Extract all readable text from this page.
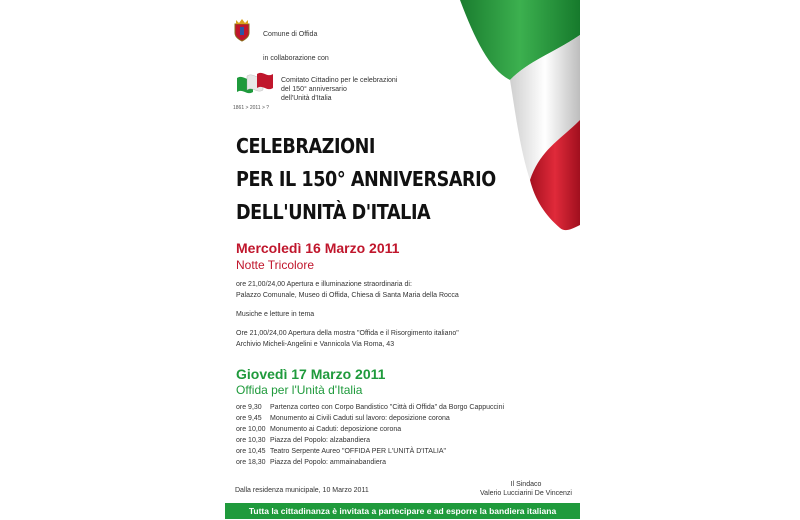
Comune di Offida
in collaborazione con
1861 > 2011 > ?
Comitato Cittadino per le celebrazioni
del 150° anniversario
dell'Unità d'Italia
CELEBRAZIONI
PER IL 150° ANNIVERSARIO
DELL'UNITÀ D'ITALIA
Mercoledì 16 Marzo 2011
Notte Tricolore
ore 21,00/24,00 Apertura e illuminazione straordinaria di:
Palazzo Comunale, Museo di Offida, Chiesa di Santa Maria della Rocca
Musiche e letture in tema
Ore 21,00/24,00 Apertura della mostra "Offida e il Risorgimento italiano"
Archivio Micheli-Angelini e Vannicola Via Roma, 43
Giovedì 17 Marzo 2011
Offida per l'Unità d'Italia
ore 9,30	Partenza corteo con Corpo Bandistico "Città di Offida" da Borgo Cappuccini
ore 9,45	Monumento ai Civili Caduti sul lavoro: deposizione corona
ore 10,00 Monumento ai Caduti: deposizione corona
ore 10,30 Piazza del Popolo: alzabandiera
ore 10,45 Teatro Serpente Aureo "OFFIDA PER L'UNITÀ D'ITALIA"
ore 18,30 Piazza del Popolo: ammainabandiera
Dalla residenza municipale, 10 Marzo 2011
Il Sindaco
Valerio Lucciarini De Vincenzi
Tutta la cittadinanza è invitata a partecipare e ad esporre la bandiera italiana
